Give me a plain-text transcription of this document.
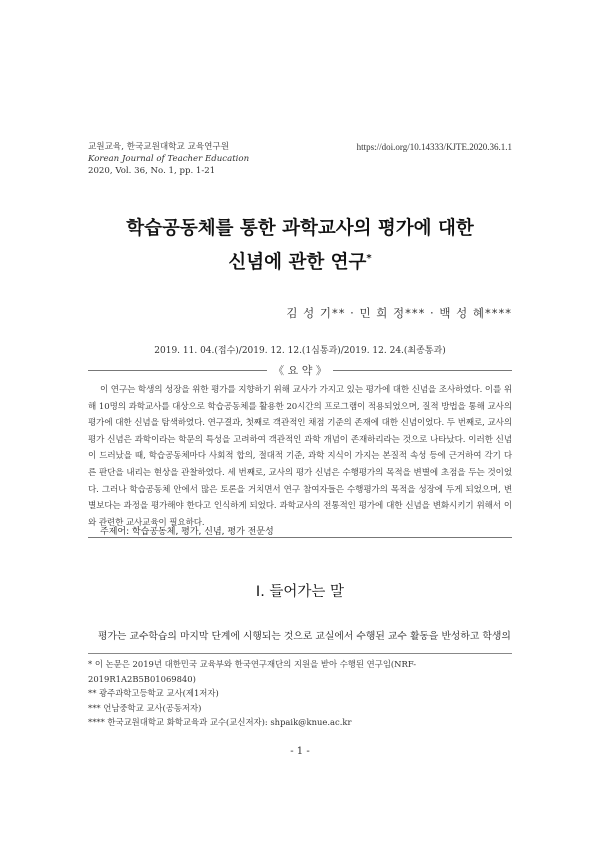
교원교육, 한국교원대학교 교육연구원
Korean Journal of Teacher Education
2020, Vol. 36, No. 1, pp. 1-21
https://doi.org/10.14333/KJTE.2020.36.1.1
학습공동체를 통한 과학교사의 평가에 대한
신념에 관한 연구*
김 성 기** · 민 희 정*** · 백 성 혜****
2019. 11. 04.(접수)/2019. 12. 12.(1심통과)/2019. 12. 24.(최종통과)
《 요 약 》
이 연구는 학생의 성장을 위한 평가를 지향하기 위해 교사가 가지고 있는 평가에 대한 신념을 조사하였다. 이를 위해 10명의 과학교사를 대상으로 학습공동체를 활용한 20시간의 프로그램이 적용되었으며, 질적 방법을 통해 교사의 평가에 대한 신념을 탐색하였다. 연구결과, 첫째로 객관적인 채점 기준의 존재에 대한 신념이었다. 두 번째로, 교사의 평가 신념은 과학이라는 학문의 특성을 고려하여 객관적인 과학 개념이 존재하리라는 것으로 나타났다. 이러한 신념이 드러났을 때, 학습공동체마다 사회적 합의, 절대적 기준, 과학 지식이 가지는 본질적 속성 등에 근거하여 각기 다른 판단을 내리는 현상을 관찰하였다. 세 번째로, 교사의 평가 신념은 수행평가의 목적을 변별에 초점을 두는 것이었다. 그러나 학습공동체 안에서 많은 토론을 거치면서 연구 참여자들은 수행평가의 목적을 성장에 두게 되었으며, 변별보다는 과정을 평가해야 한다고 인식하게 되었다. 과학교사의 전통적인 평가에 대한 신념을 변화시키기 위해서 이와 관련한 교사교육이 필요하다.
주제어: 학습공동체, 평가, 신념, 평가 전문성
Ⅰ. 들어가는 말
평가는 교수학습의 마지막 단계에 시행되는 것으로 교실에서 수행된 교수 활동을 반성하고 학생의
* 이 논문은 2019년 대한민국 교육부와 한국연구재단의 지원을 받아 수행된 연구임(NRF-2019R1A2B5B01069840)
** 광주과학고등학교 교사(제1저자)
*** 언남중학교 교사(공동저자)
**** 한국교원대학교 화학교육과 교수(교신저자): shpaik@knue.ac.kr
- 1 -
